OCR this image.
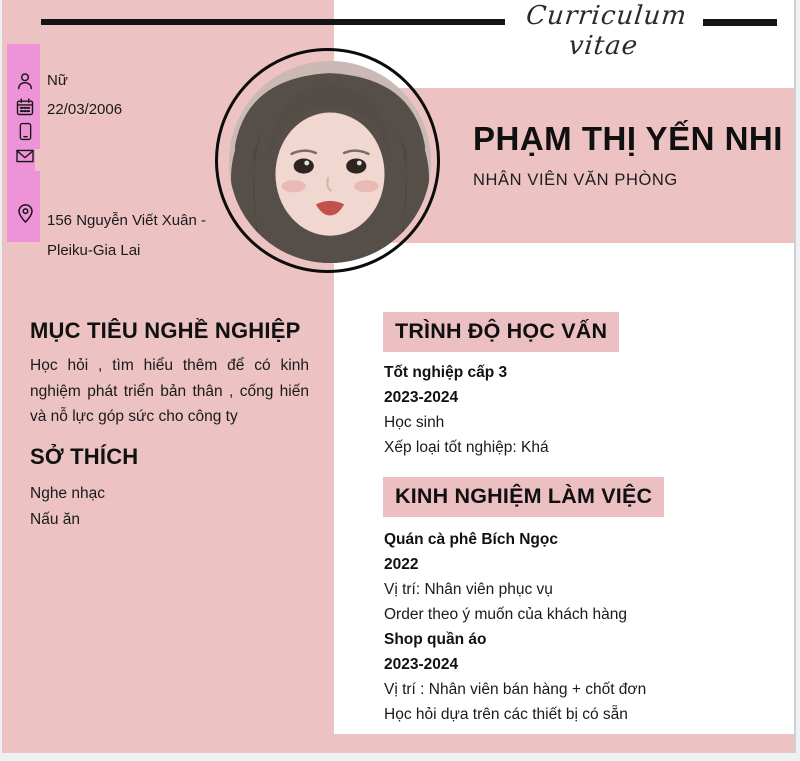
Curriculum vitae
PHẠM THỊ YẾN NHI
NHÂN VIÊN VĂN PHÒNG
Nữ
22/03/2006
156 Nguyễn Viết Xuân -
Pleiku-Gia Lai
MỤC TIÊU NGHỀ NGHIỆP
Học hỏi , tìm hiểu thêm để có kinh nghiệm phát triển bản thân , cống hiến và nỗ lực góp sức cho công ty
SỞ THÍCH
Nghe nhạc
Nấu ăn
TRÌNH ĐỘ HỌC VẤN
Tốt nghiệp cấp 3
2023-2024
Học sinh
Xếp loại tốt nghiệp: Khá
KINH NGHIỆM LÀM VIỆC
Quán cà phê Bích Ngọc
2022
Vị trí: Nhân viên phục vụ
Order theo ý muốn của khách hàng
Shop quần áo
2023-2024
Vị trí : Nhân viên bán hàng + chốt đơn
Học hỏi dựa trên các thiết bị có sẵn
